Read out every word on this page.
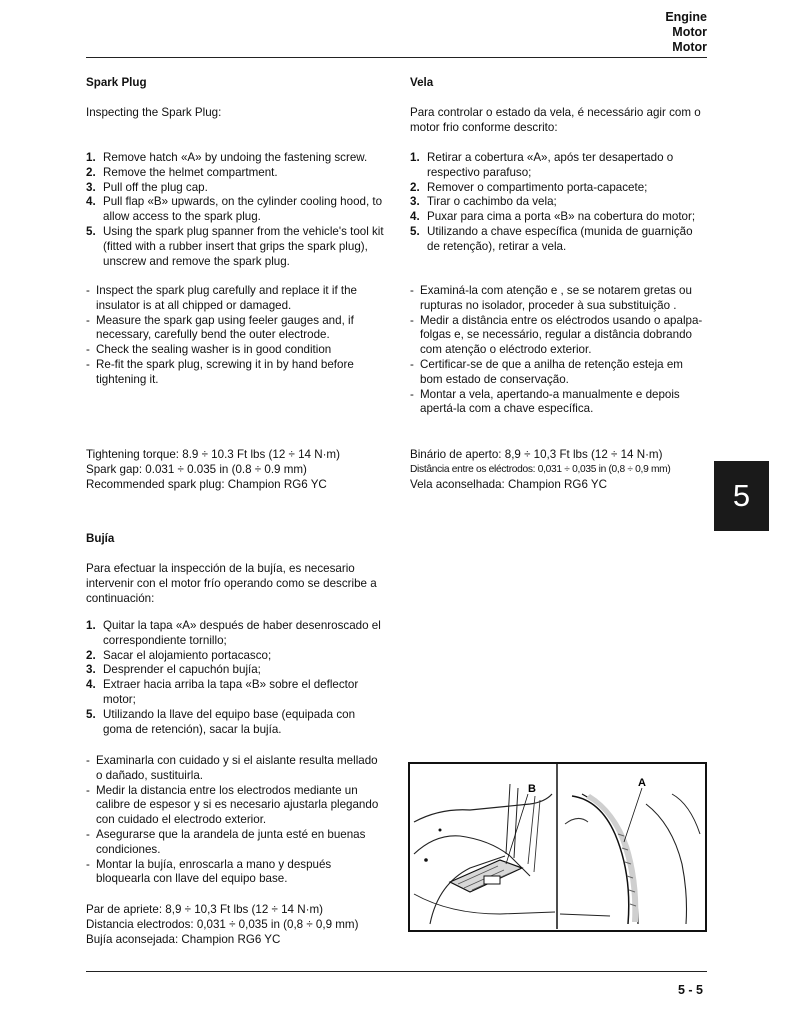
Engine
Motor
Motor

Spark Plug

Inspecting the Spark Plug:

1. Remove hatch «A» by undoing the fastening screw.
2. Remove the helmet compartment.
3. Pull off the plug cap.
4. Pull flap «B» upwards, on the cylinder cooling hood, to allow access to the spark plug.
5. Using the spark plug spanner from the vehicle's tool kit (fitted with a rubber insert that grips the spark plug), unscrew and remove the spark plug.
- Inspect the spark plug carefully and replace it if the insulator is at all chipped or damaged.
- Measure the spark gap using feeler gauges and, if necessary, carefully bend the outer electrode.
- Check the sealing washer is in good condition
- Re-fit the spark plug, screwing it in by hand before tightening it.

Tightening torque: 8.9 ÷ 10.3 Ft lbs (12 ÷ 14 N·m)

Spark gap: 0.031 ÷ 0.035 in (0.8 ÷ 0.9 mm)

Recommended spark plug: Champion RG6 YC

Vela

Para controlar o estado da vela, é necessário agir com o motor frio conforme descrito:

1. Retirar a cobertura «A», após ter desapertado o respectivo parafuso;
2. Remover o compartimento porta-capacete;
3. Tirar o cachimbo da vela;
4. Puxar para cima a porta «B» na cobertura do motor;
5. Utilizando a chave específica (munida de guarnição de retenção), retirar a vela.
- Examiná-la com atenção e , se se notarem gretas ou rupturas no isolador, proceder à sua substituição .
- Medir a distância entre os eléctrodos usando o apalpa-folgas e, se necessário, regular a distância dobrando com atenção o eléctrodo exterior.
- Certificar-se de que a anilha de retenção esteja em bom estado de conservação.
- Montar a vela, apertando-a manualmente e depois apertá-la com a chave específica.

Binário de aperto: 8,9 ÷ 10,3 Ft lbs (12 ÷ 14 N·m)

Distância entre os eléctrodos: 0,031 ÷ 0,035 in (0,8 ÷ 0,9 mm)

Vela aconselhada: Champion RG6 YC	5

Bujía

Para efectuar la inspección de la bujía, es necesario intervenir con el motor frío operando como se describe a continuación:

1. Quitar la tapa «A» después de haber desenroscado el correspondiente tornillo;
2. Sacar el alojamiento portacasco;
3. Desprender el capuchón bujía;
4. Extraer hacia arriba la tapa «B» sobre el deflector motor;
5. Utilizando la llave del equipo base (equipada con goma de retención), sacar la bujía.
- Examinarla con cuidado y si el aislante resulta mellado o dañado, sustituirla.
- Medir la distancia entre los electrodos mediante un calibre de espesor y si es necesario ajustarla plegando con cuidado el electrodo exterior.
- Asegurarse que la arandela de junta esté en buenas condiciones.
- Montar la bujía, enroscarla a mano y después bloquearla con llave del equipo base.

Par de apriete: 8,9 ÷ 10,3 Ft lbs (12 ÷ 14 N·m)

Distancia electrodos: 0,031 ÷ 0,035 in (0,8 ÷ 0,9 mm)

Bujía aconsejada: Champion RG6 YC

B	A
5 - 5
